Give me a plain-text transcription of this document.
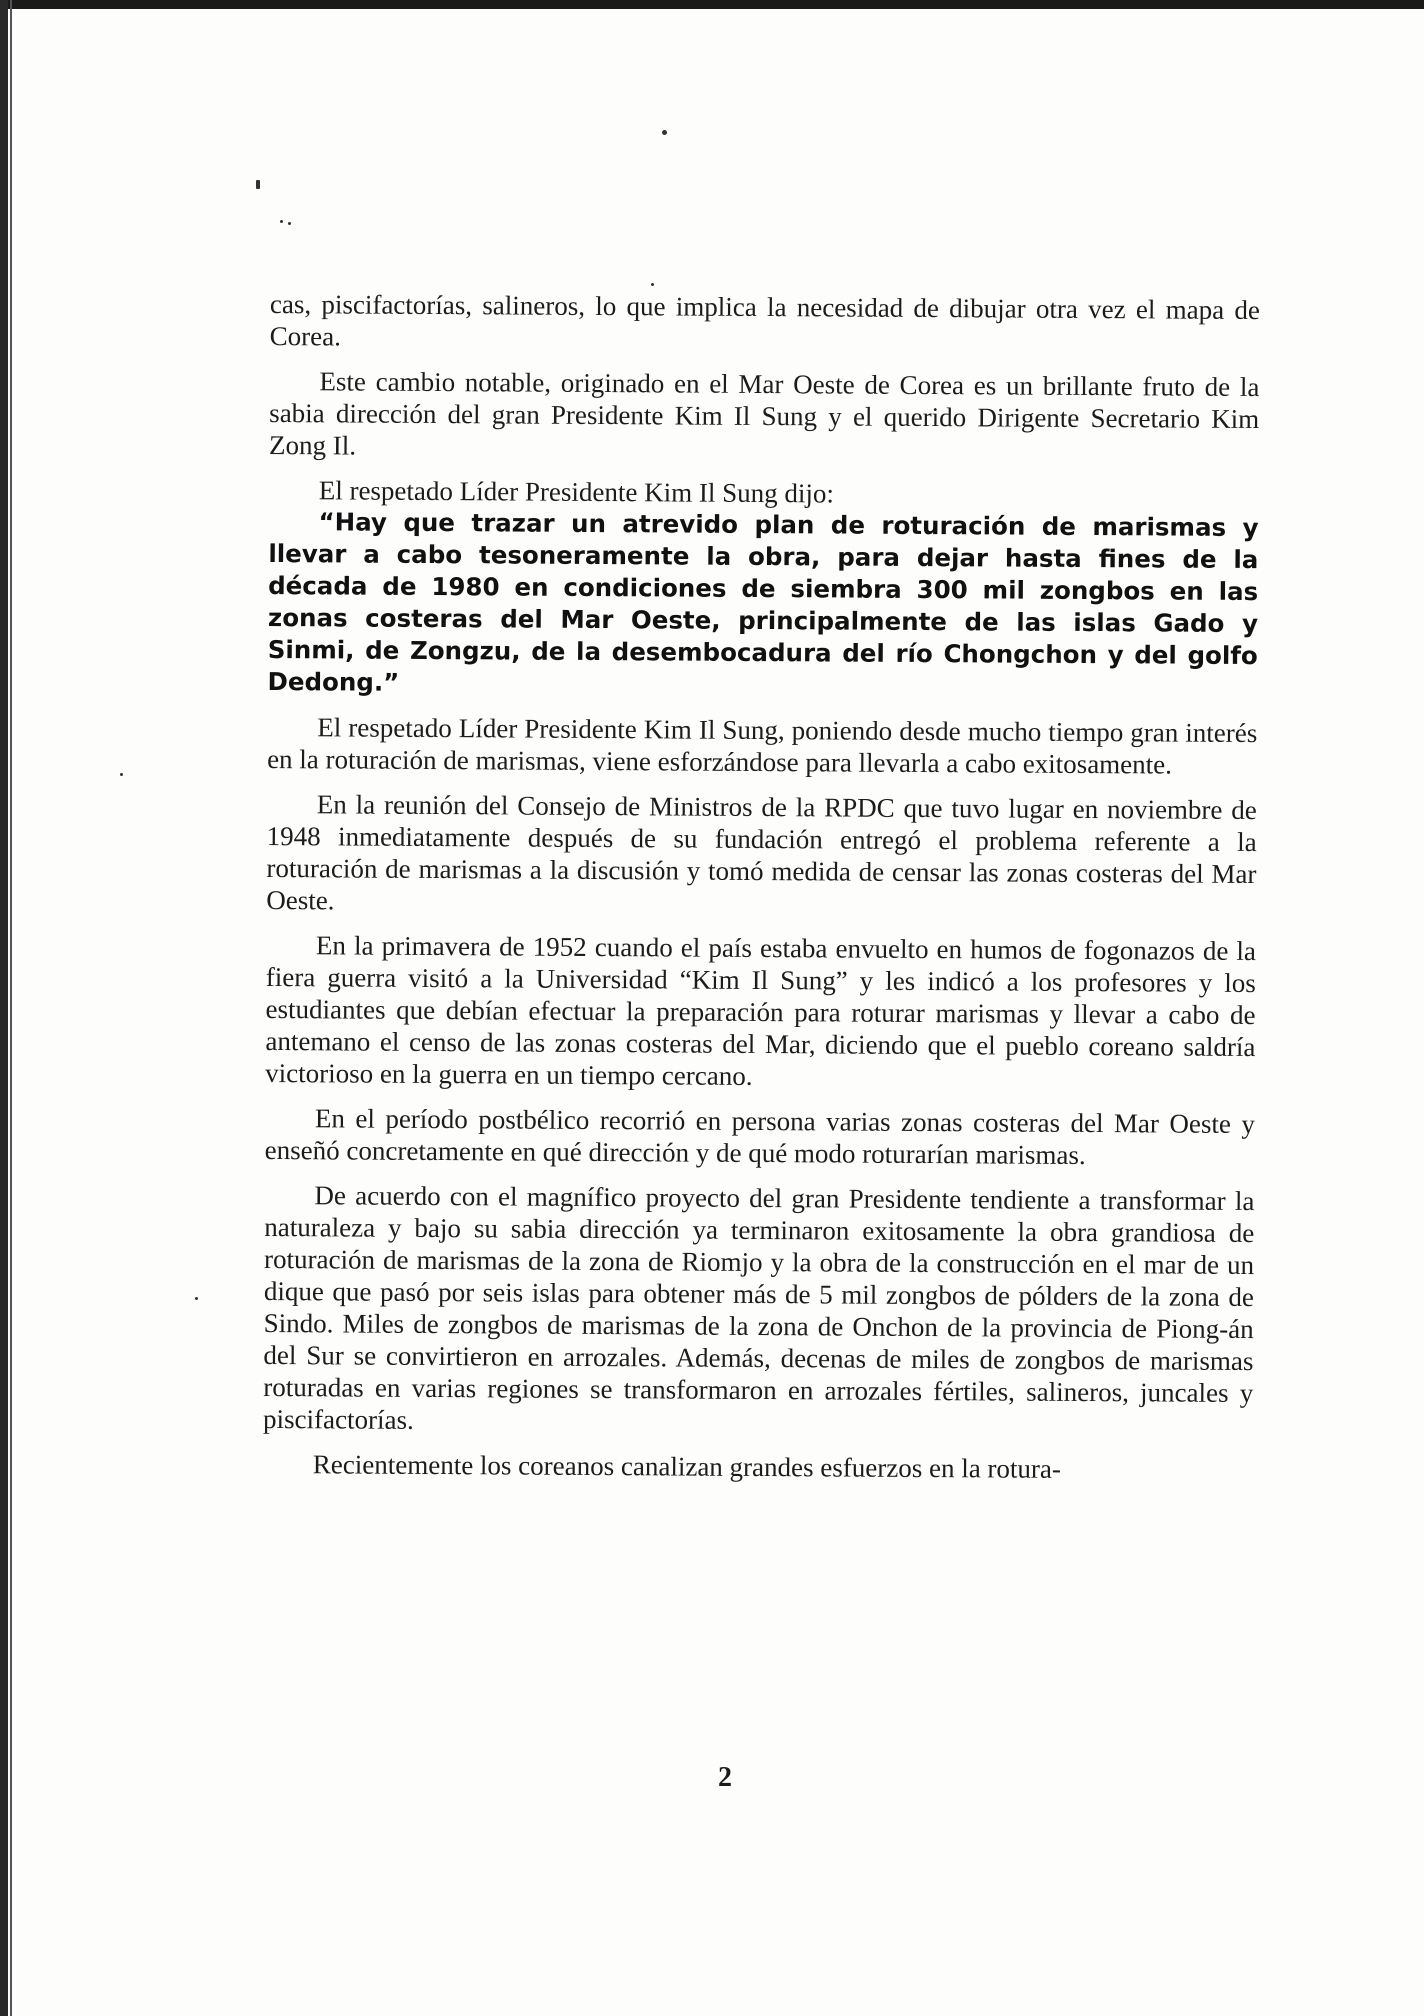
cas, piscifactorías, salineros, lo que implica la necesidad de dibujar otra vez el mapa de Corea.

Este cambio notable, originado en el Mar Oeste de Corea es un brillante fruto de la sabia dirección del gran Presidente Kim Il Sung y el querido Dirigente Secretario Kim Zong Il.

El respetado Líder Presidente Kim Il Sung dijo:

“Hay que trazar un atrevido plan de roturación de marismas y llevar a cabo tesoneramente la obra, para dejar hasta fines de la década de 1980 en condiciones de siembra 300 mil zongbos en las zonas costeras del Mar Oeste, principalmente de las islas Gado y Sinmi, de Zongzu, de la desembocadura del río Chongchon y del golfo Dedong.”

El respetado Líder Presidente Kim Il Sung, poniendo desde mucho tiempo gran interés en la roturación de marismas, viene esforzándose para llevarla a cabo exitosamente.

En la reunión del Consejo de Ministros de la RPDC que tuvo lugar en noviembre de 1948 inmediatamente después de su fundación entregó el problema referente a la roturación de marismas a la discusión y tomó medida de censar las zonas costeras del Mar Oeste.

En la primavera de 1952 cuando el país estaba envuelto en humos de fogonazos de la fiera guerra visitó a la Universidad “Kim Il Sung” y les indicó a los profesores y los estudiantes que debían efectuar la preparación para roturar marismas y llevar a cabo de antemano el censo de las zonas costeras del Mar, diciendo que el pueblo coreano saldría victorioso en la guerra en un tiempo cercano.

En el período postbélico recorrió en persona varias zonas costeras del Mar Oeste y enseñó concretamente en qué dirección y de qué modo roturarían marismas.

De acuerdo con el magnífico proyecto del gran Presidente tendiente a transformar la naturaleza y bajo su sabia dirección ya terminaron exitosamente la obra grandiosa de roturación de marismas de la zona de Riomjo y la obra de la construcción en el mar de un dique que pasó por seis islas para obtener más de 5 mil zongbos de pólders de la zona de Sindo. Miles de zongbos de marismas de la zona de Onchon de la provincia de Piong-án del Sur se convirtieron en arrozales. Además, decenas de miles de zongbos de marismas roturadas en varias regiones se transformaron en arrozales fértiles, salineros, juncales y piscifactorías.

Recientemente los coreanos canalizan grandes esfuerzos en la rotura-

2
